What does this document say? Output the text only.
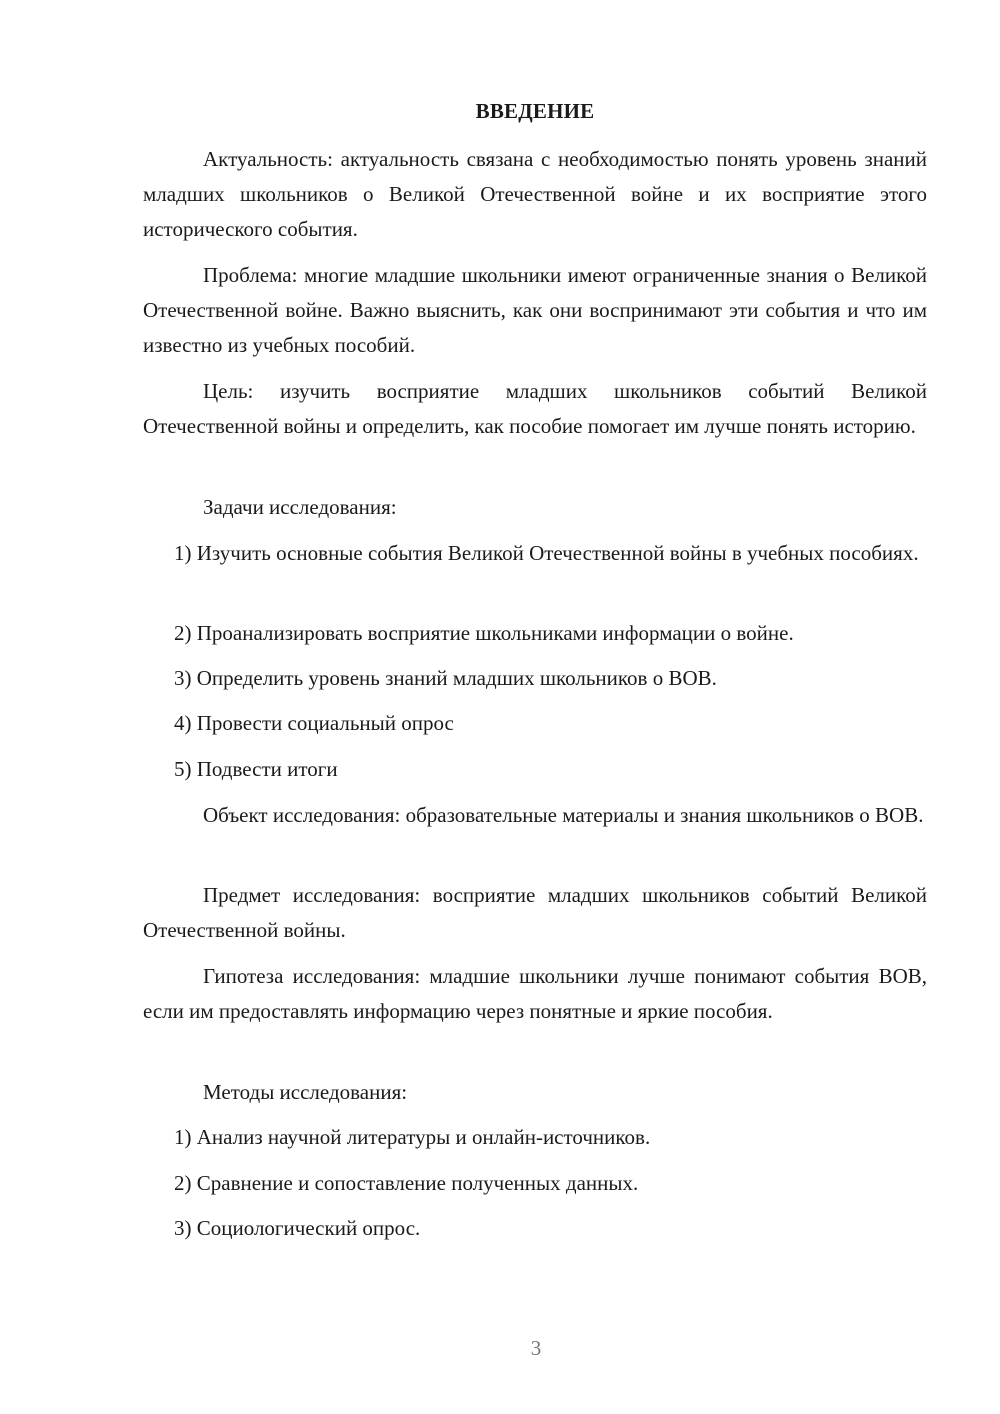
ВВЕДЕНИЕ
Актуальность: актуальность связана с необходимостью понять уровень знаний младших школьников о Великой Отечественной войне и их восприятие этого исторического события.
Проблема: многие младшие школьники имеют ограниченные знания о Великой Отечественной войне. Важно выяснить, как они воспринимают эти события и что им известно из учебных пособий.
Цель: изучить восприятие младших школьников событий Великой Отечественной войны и определить, как пособие помогает им лучше понять историю.
Задачи исследования:
1) Изучить основные события Великой Отечественной войны в учебных пособиях.
2) Проанализировать восприятие школьниками информации о войне.
3) Определить уровень знаний младших школьников о ВОВ.
4) Провести социальный опрос
5) Подвести итоги
Объект исследования: образовательные материалы и знания школьников о ВОВ.
Предмет исследования: восприятие младших школьников событий Великой Отечественной войны.
Гипотеза исследования: младшие школьники лучше понимают события ВОВ, если им предоставлять информацию через понятные и яркие пособия.
Методы исследования:
1) Анализ научной литературы и онлайн-источников.
2) Сравнение и сопоставление полученных данных.
3) Социологический опрос.
3
